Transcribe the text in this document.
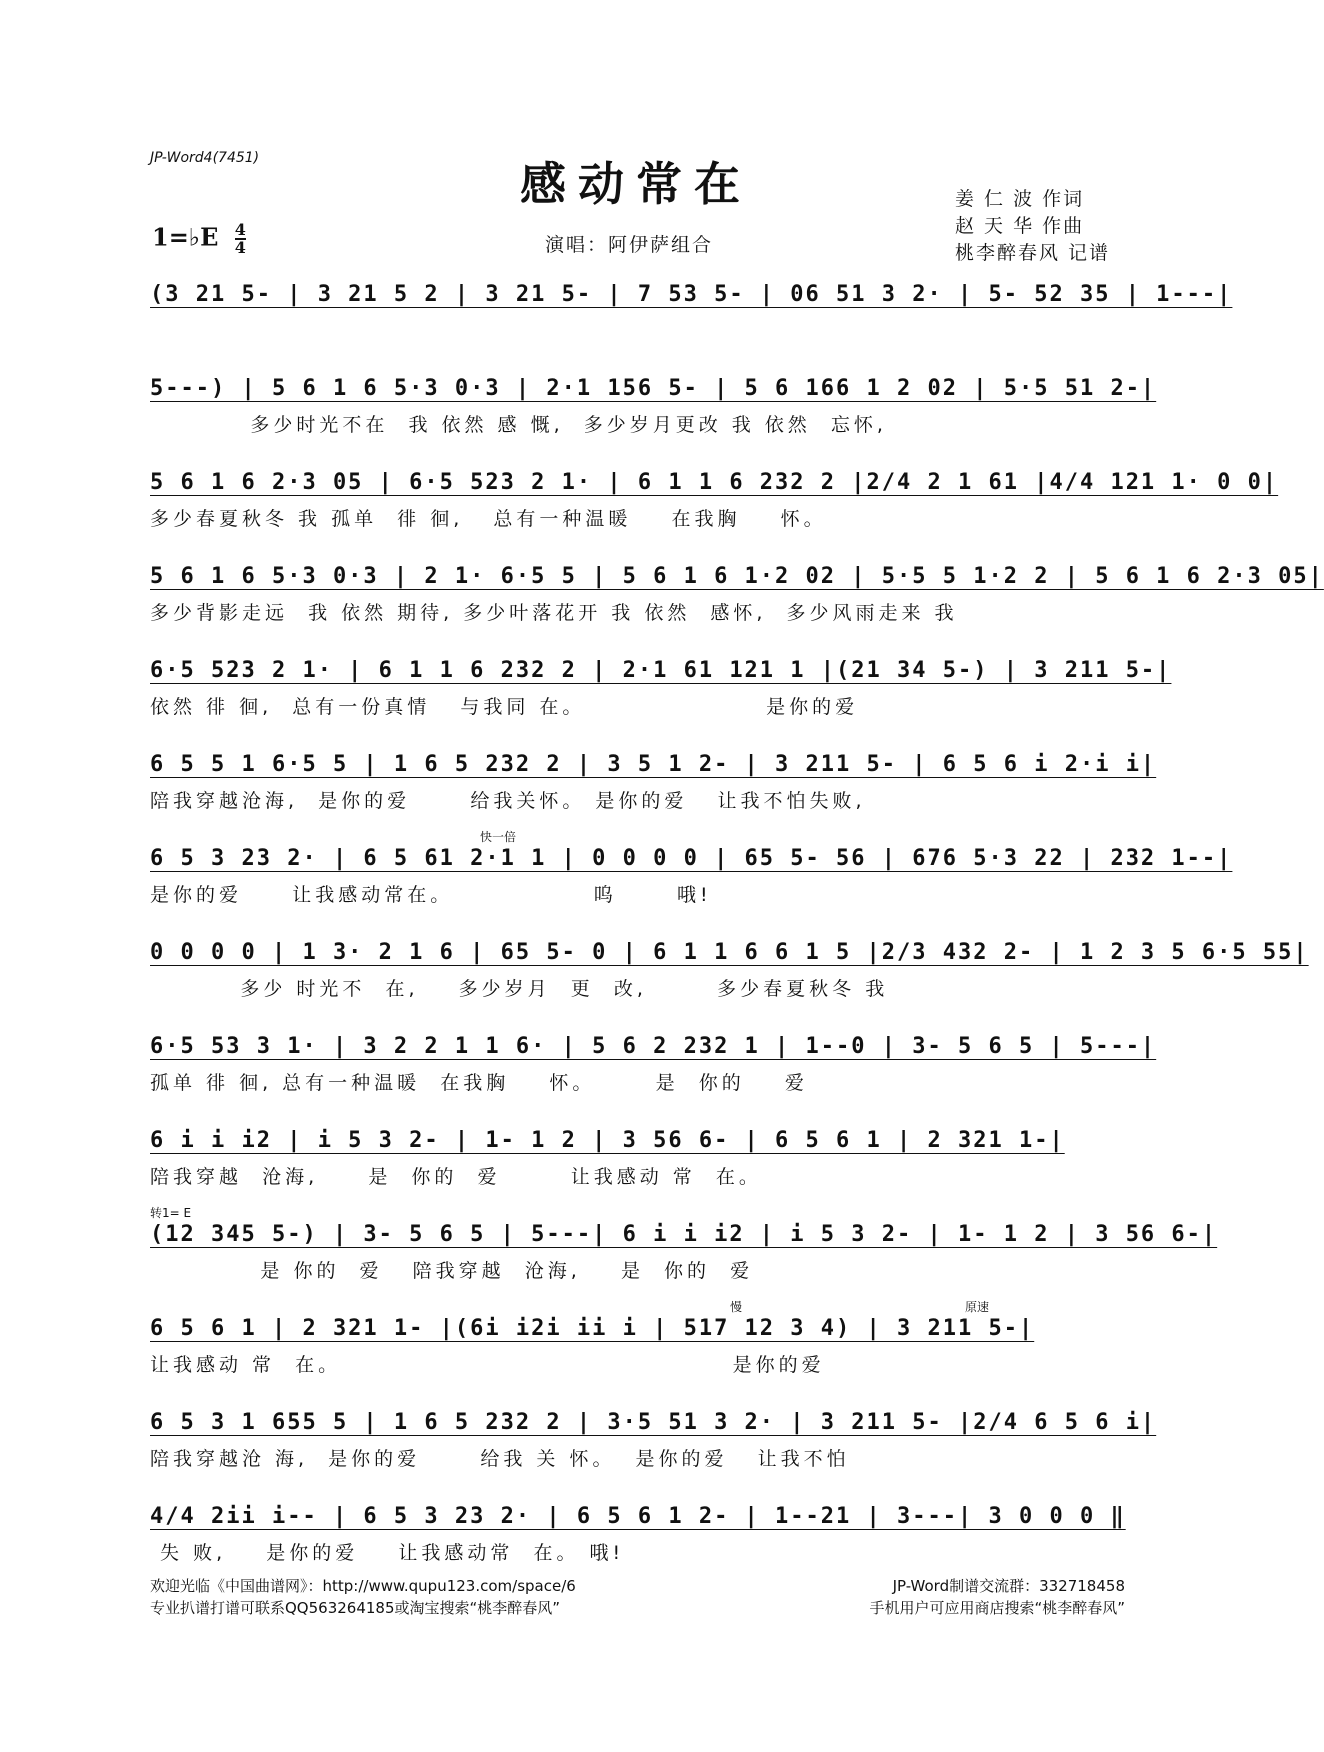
JP-Word4(7451)	感动常在	姜 仁 波 作词
赵 天 华 作曲
桃李醉春风 记谱
1=♭E $\frac{4}{4}$	演唱：阿伊萨组合
(3 21 5- | 3 21 5 2 | 3 21 5- | 7 53 5- | 06 51 3 2· | 5- 52 35 | 1---|
5---) | 5 6 1 6 5·3 0·3 | 2·1 156 5- | 5 6 166 1 2 02 | 5·5 51 2-|
多少时光不在  我 依然 感 慨,  多少岁月更改 我 依然  忘怀,
5 6 1 6 2·3 05 | 6·5 523 2 1· | 6 1 1 6 232 2 |2/4 2 1 61 |4/4 121 1· 0 0|
多少春夏秋冬 我 孤单  徘 徊,   总有一种温暖    在我胸    怀。
5 6 1 6 5·3 0·3 | 2 1· 6·5 5 | 5 6 1 6 1·2 02 | 5·5 5 1·2 2 | 5 6 1 6 2·3 05|
多少背影走远  我 依然 期待, 多少叶落花开 我 依然  感怀,  多少风雨走来 我
6·5 523 2 1· | 6 1 1 6 232 2 | 2·1 61 121 1 |(21 34 5-) | 3 211 5-|
依然 徘 徊,  总有一份真情   与我同 在。                  是你的爱
6 5 5 1 6·5 5 | 1 6 5 232 2 | 3 5 1 2- | 3 211 5- | 6 5 6 i 2·i i|
陪我穿越沧海,  是你的爱      给我关怀。 是你的爱   让我不怕失败,
快一倍
6 5 3 23 2· | 6 5 61 2·1 1 | 0 0 0 0 | 65 5- 56 | 676 5·3 22 | 232 1--|
是你的爱     让我感动常在。              呜      哦!
0 0 0 0 | 1 3· 2 1 6 | 65 5- 0 | 6 1 1 6 6 1 5 |2/3 432 2- | 1 2 3 5 6·5 55|
多少 时光不  在,    多少岁月  更  改,       多少春夏秋冬 我
6·5 53 3 1· | 3 2 2 1 1 6· | 5 6 2 232 1 | 1--0 | 3- 5 6 5 | 5---|
孤单 徘 徊, 总有一种温暖  在我胸    怀。      是  你的    爱
6 i i i2 | i 5 3 2- | 1- 1 2 | 3 56 6- | 6 5 6 1 | 2 321 1-|
陪我穿越  沧海,     是  你的  爱       让我感动 常  在。
转1= E
(12 345 5-) | 3- 5 6 5 | 5---| 6 i i i2 | i 5 3 2- | 1- 1 2 | 3 56 6-|
是 你的  爱   陪我穿越  沧海,    是  你的  爱
慢	原速
6 5 6 1 | 2 321 1- |(6i i2i ii i | 517 12 3 4) | 3 211 5-|
让我感动 常  在。                                       是你的爱
6 5 3 1 655 5 | 1 6 5 232 2 | 3·5 51 3 2· | 3 211 5- |2/4 6 5 6 i|
陪我穿越沧 海,  是你的爱      给我 关 怀。  是你的爱   让我不怕
4/4 2ii i-- | 6 5 3 23 2· | 6 5 6 1 2- | 1--21 | 3---| 3 0 0 0 ‖
失 败,    是你的爱    让我感动常  在。 哦!
欢迎光临《中国曲谱网》：http://www.qupu123.com/space/6	JP-Word制谱交流群：332718458
专业扒谱打谱可联系QQ563264185或淘宝搜索“桃李醉春风”	手机用户可应用商店搜索“桃李醉春风”
